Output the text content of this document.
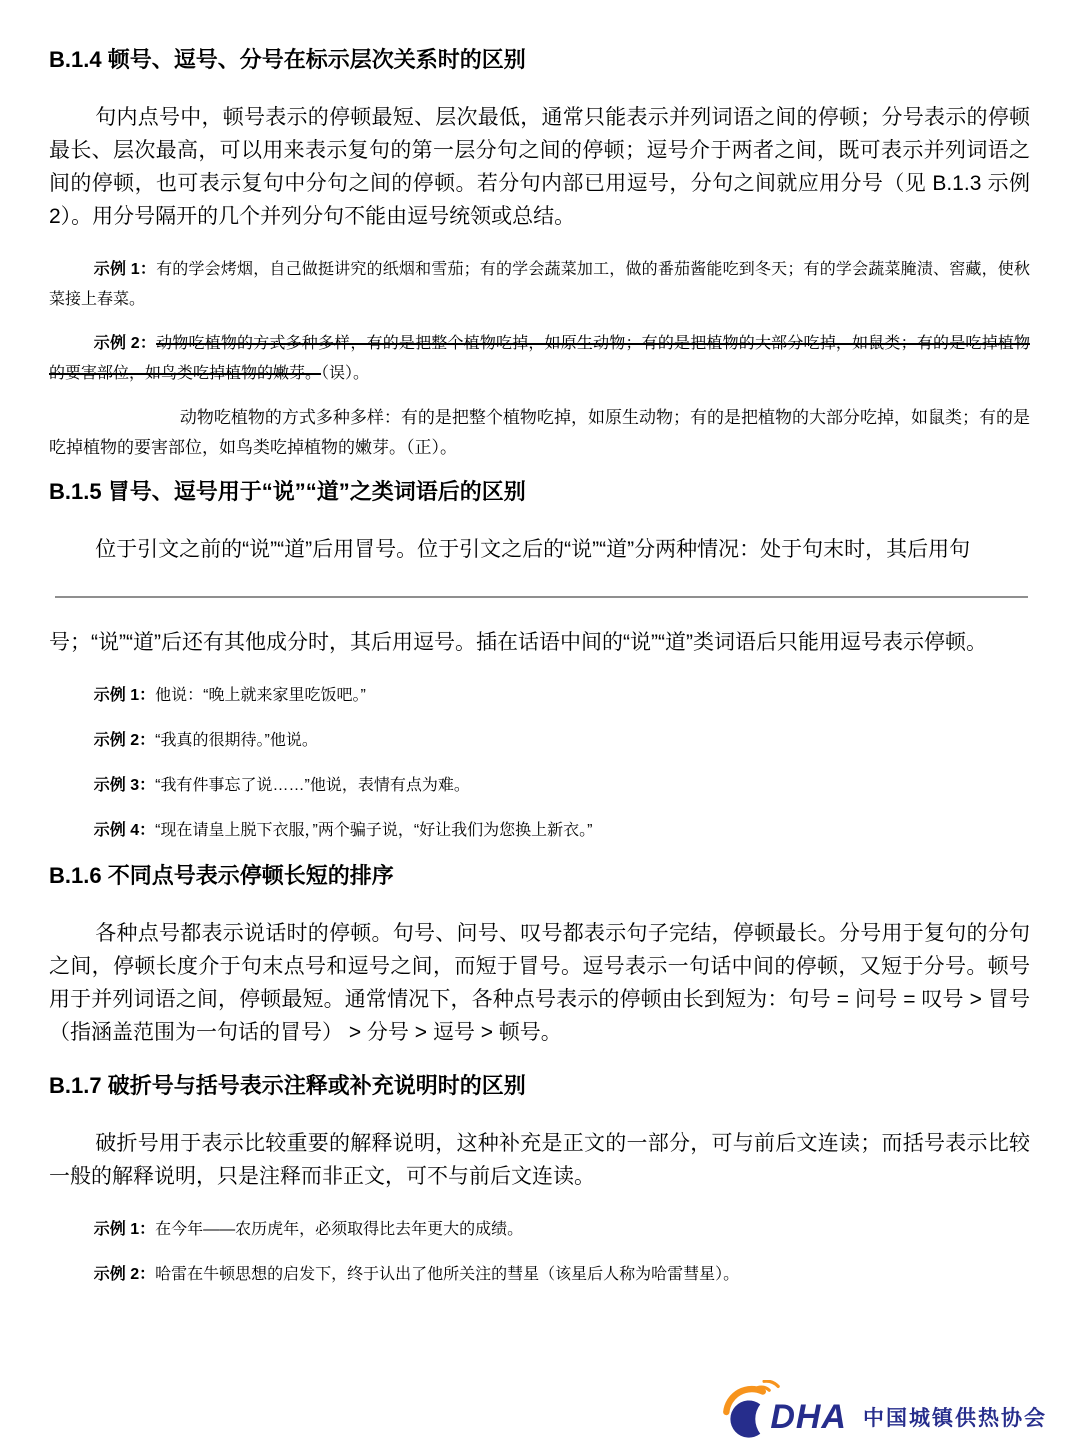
B.1.4 顿号、逗号、分号在标示层次关系时的区别

句内点号中，顿号表示的停顿最短、层次最低，通常只能表示并列词语之间的停顿；分号表示的停顿最长、层次最高，可以用来表示复句的第一层分句之间的停顿；逗号介于两者之间，既可表示并列词语之间的停顿，也可表示复句中分句之间的停顿。若分句内部已用逗号，分句之间就应用分号（见 B.1.3 示例 2）。用分号隔开的几个并列分句不能由逗号统领或总结。

示例 1：有的学会烤烟，自己做挺讲究的纸烟和雪茄；有的学会蔬菜加工，做的番茄酱能吃到冬天；有的学会蔬菜腌渍、窖藏，使秋菜接上春菜。

示例 2：动物吃植物的方式多种多样，有的是把整个植物吃掉，如原生动物；有的是把植物的大部分吃掉，如鼠类；有的是吃掉植物的要害部位，如鸟类吃掉植物的嫩芽。（误）。

动物吃植物的方式多种多样：有的是把整个植物吃掉，如原生动物；有的是把植物的大部分吃掉，如鼠类；有的是吃掉植物的要害部位，如鸟类吃掉植物的嫩芽。（正）。

B.1.5 冒号、逗号用于“说”“道”之类词语后的区别

位于引文之前的“说”“道”后用冒号。位于引文之后的“说”“道”分两种情况：处于句末时，其后用句

号；“说”“道”后还有其他成分时，其后用逗号。插在话语中间的“说”“道”类词语后只能用逗号表示停顿。

示例 1：他说：“晚上就来家里吃饭吧。”

示例 2：“我真的很期待。”他说。

示例 3：“我有件事忘了说……”他说，表情有点为难。

示例 4：“现在请皇上脱下衣服，”两个骗子说，“好让我们为您换上新衣。”

B.1.6 不同点号表示停顿长短的排序

各种点号都表示说话时的停顿。句号、问号、叹号都表示句子完结，停顿最长。分号用于复句的分句之间，停顿长度介于句末点号和逗号之间，而短于冒号。逗号表示一句话中间的停顿，又短于分号。顿号用于并列词语之间，停顿最短。通常情况下，各种点号表示的停顿由长到短为：句号 = 问号 = 叹号 > 冒号（指涵盖范围为一句话的冒号） > 分号 > 逗号 > 顿号。

B.1.7 破折号与括号表示注释或补充说明时的区别

破折号用于表示比较重要的解释说明，这种补充是正文的一部分，可与前后文连读；而括号表示比较一般的解释说明，只是注释而非正文，可不与前后文连读。

示例 1：在今年——农历虎年，必须取得比去年更大的成绩。

示例 2：哈雷在牛顿思想的启发下，终于认出了他所关注的彗星（该星后人称为哈雷彗星）。

DHA 中国城镇供热协会
